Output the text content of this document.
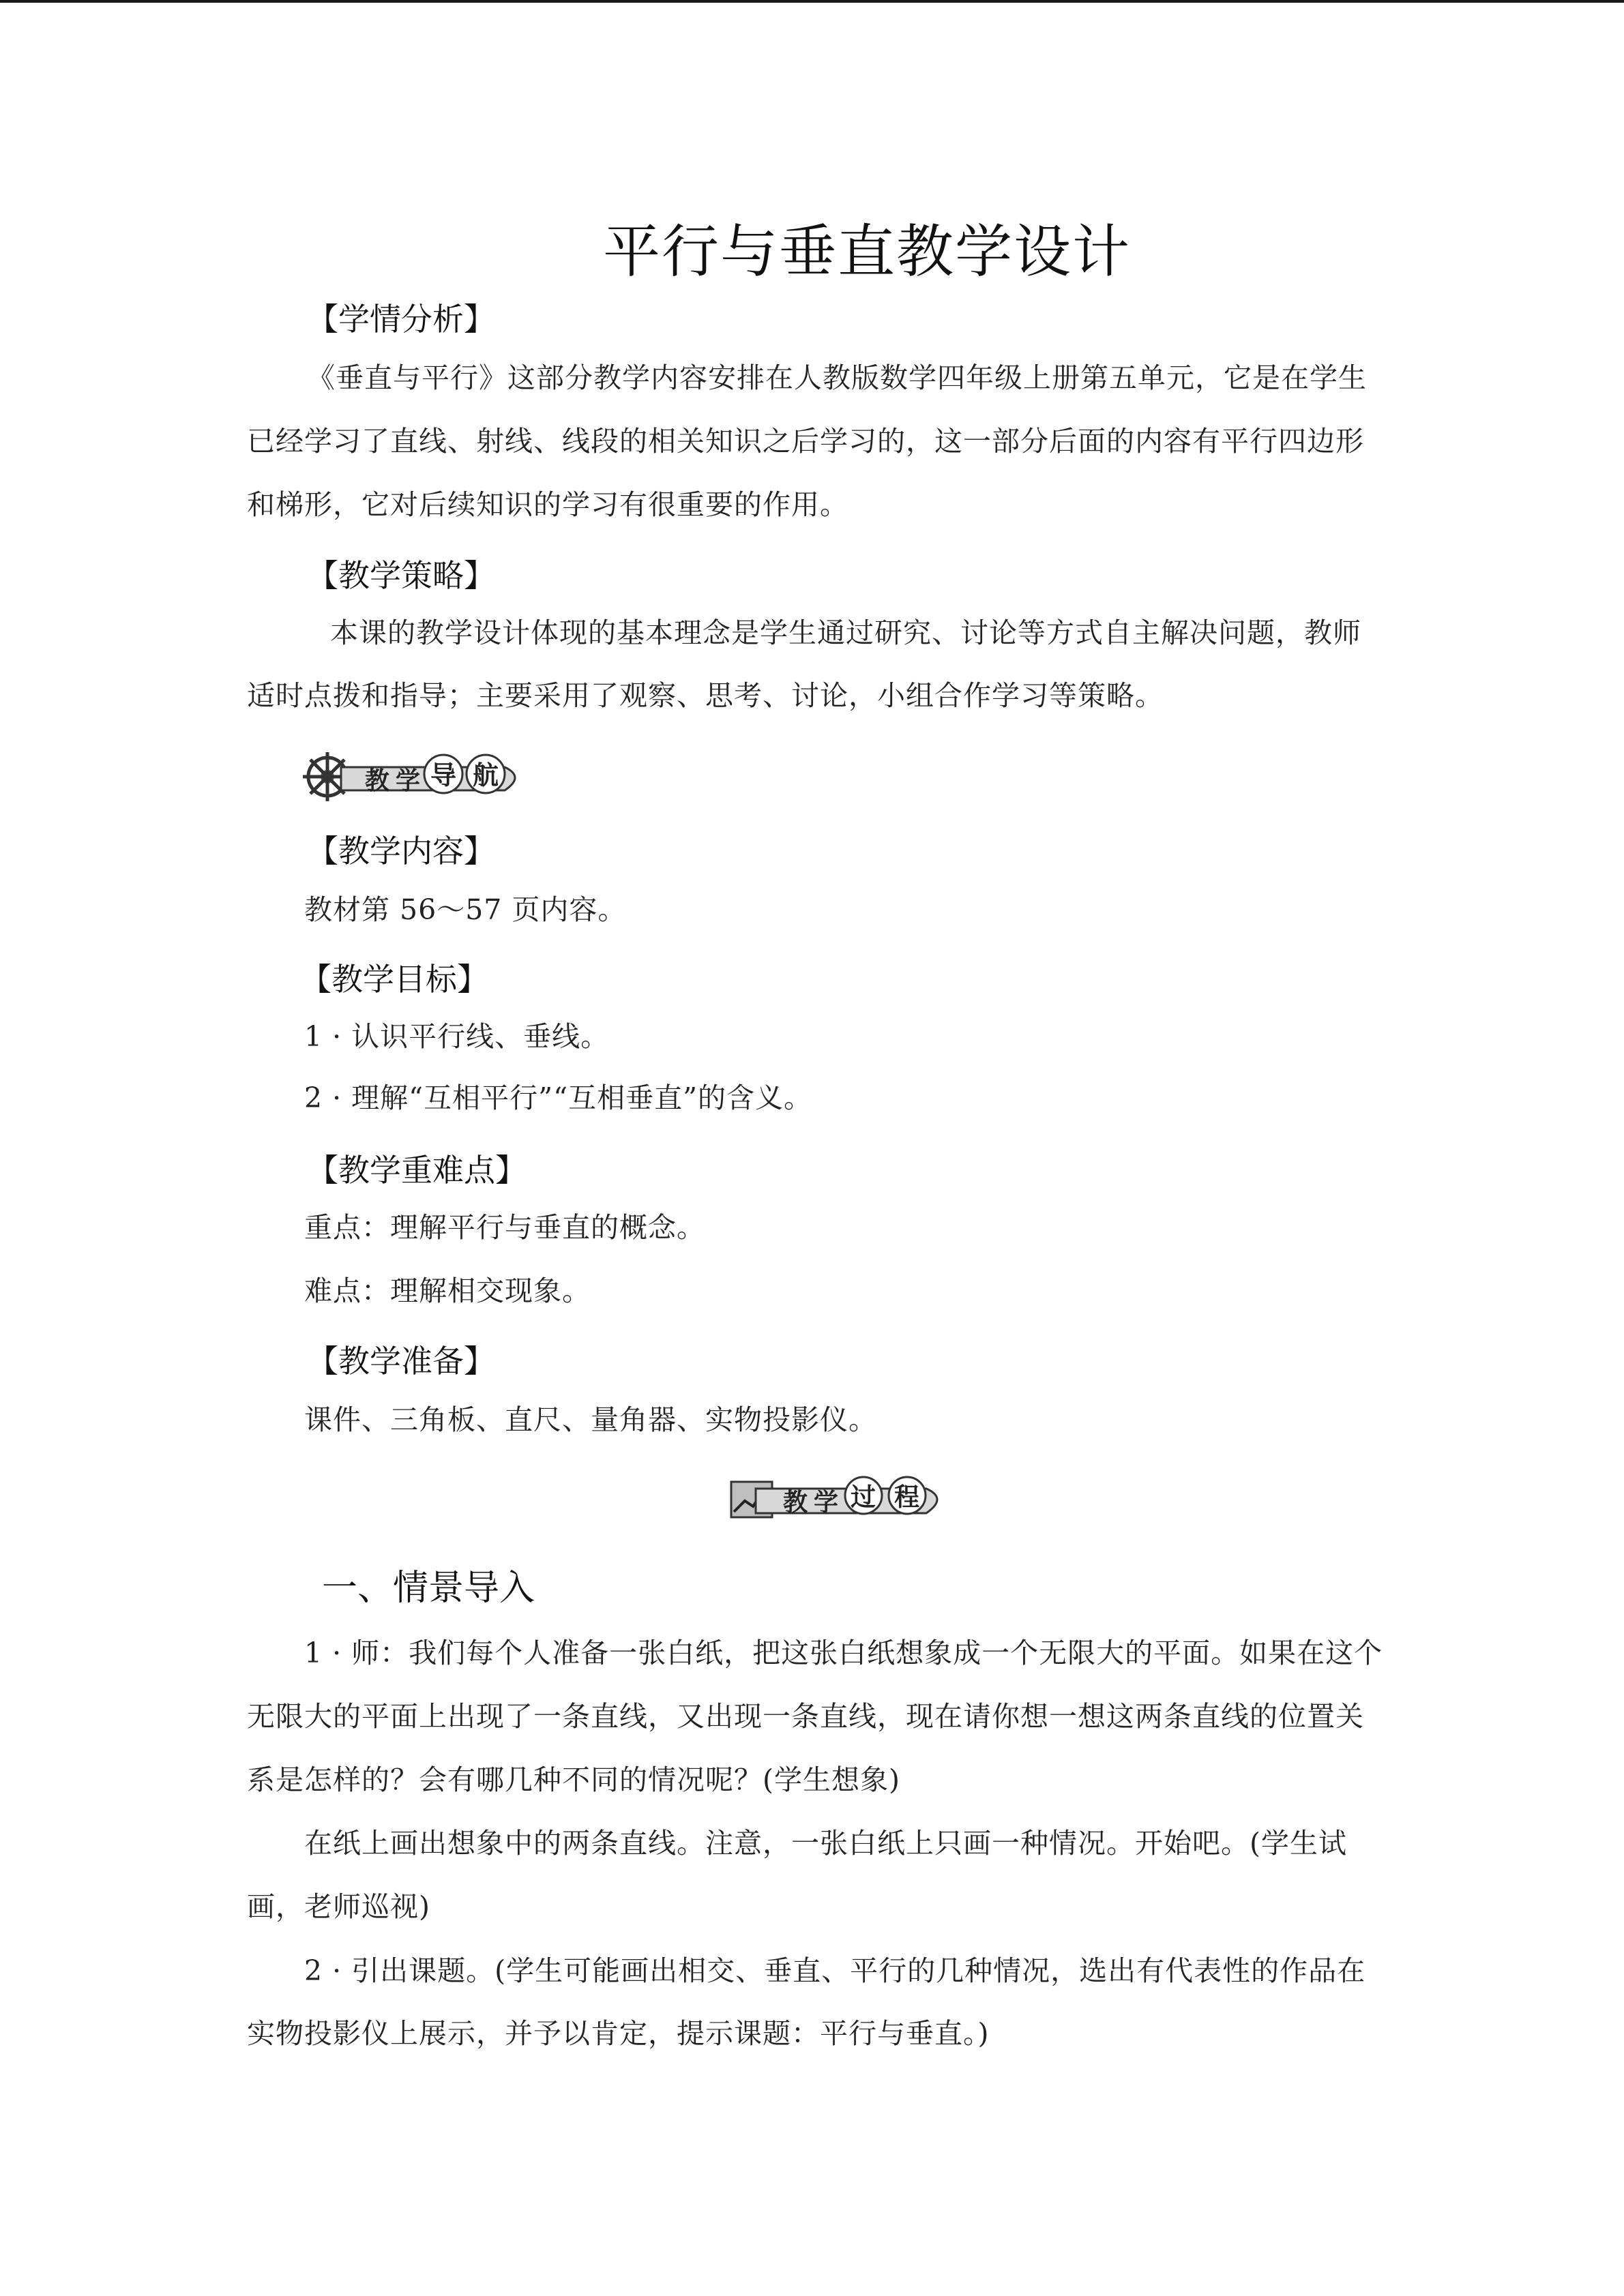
平行与垂直教学设计
【学情分析】
《垂直与平行》这部分教学内容安排在人教版数学四年级上册第五单元，它是在学生
已经学习了直线、射线、线段的相关知识之后学习的，这一部分后面的内容有平行四边形
和梯形，它对后续知识的学习有很重要的作用。
【教学策略】
本课的教学设计体现的基本理念是学生通过研究、讨论等方式自主解决问题，教师
适时点拨和指导；主要采用了观察、思考、讨论，小组合作学习等策略。
教 学 导 航
【教学内容】
教材第 56～57 页内容。
【教学目标】
1 · 认识平行线、垂线。
2 · 理解“互相平行”“互相垂直”的含义。
【教学重难点】
重点：理解平行与垂直的概念。
难点：理解相交现象。
【教学准备】
课件、三角板、直尺、量角器、实物投影仪。
教 学 过 程
一、情景导入
1 · 师：我们每个人准备一张白纸，把这张白纸想象成一个无限大的平面。如果在这个
无限大的平面上出现了一条直线，又出现一条直线，现在请你想一想这两条直线的位置关
系是怎样的？会有哪几种不同的情况呢？(学生想象)
在纸上画出想象中的两条直线。注意，一张白纸上只画一种情况。开始吧。(学生试
画，老师巡视)
2 · 引出课题。(学生可能画出相交、垂直、平行的几种情况，选出有代表性的作品在
实物投影仪上展示，并予以肯定，提示课题：平行与垂直。)
